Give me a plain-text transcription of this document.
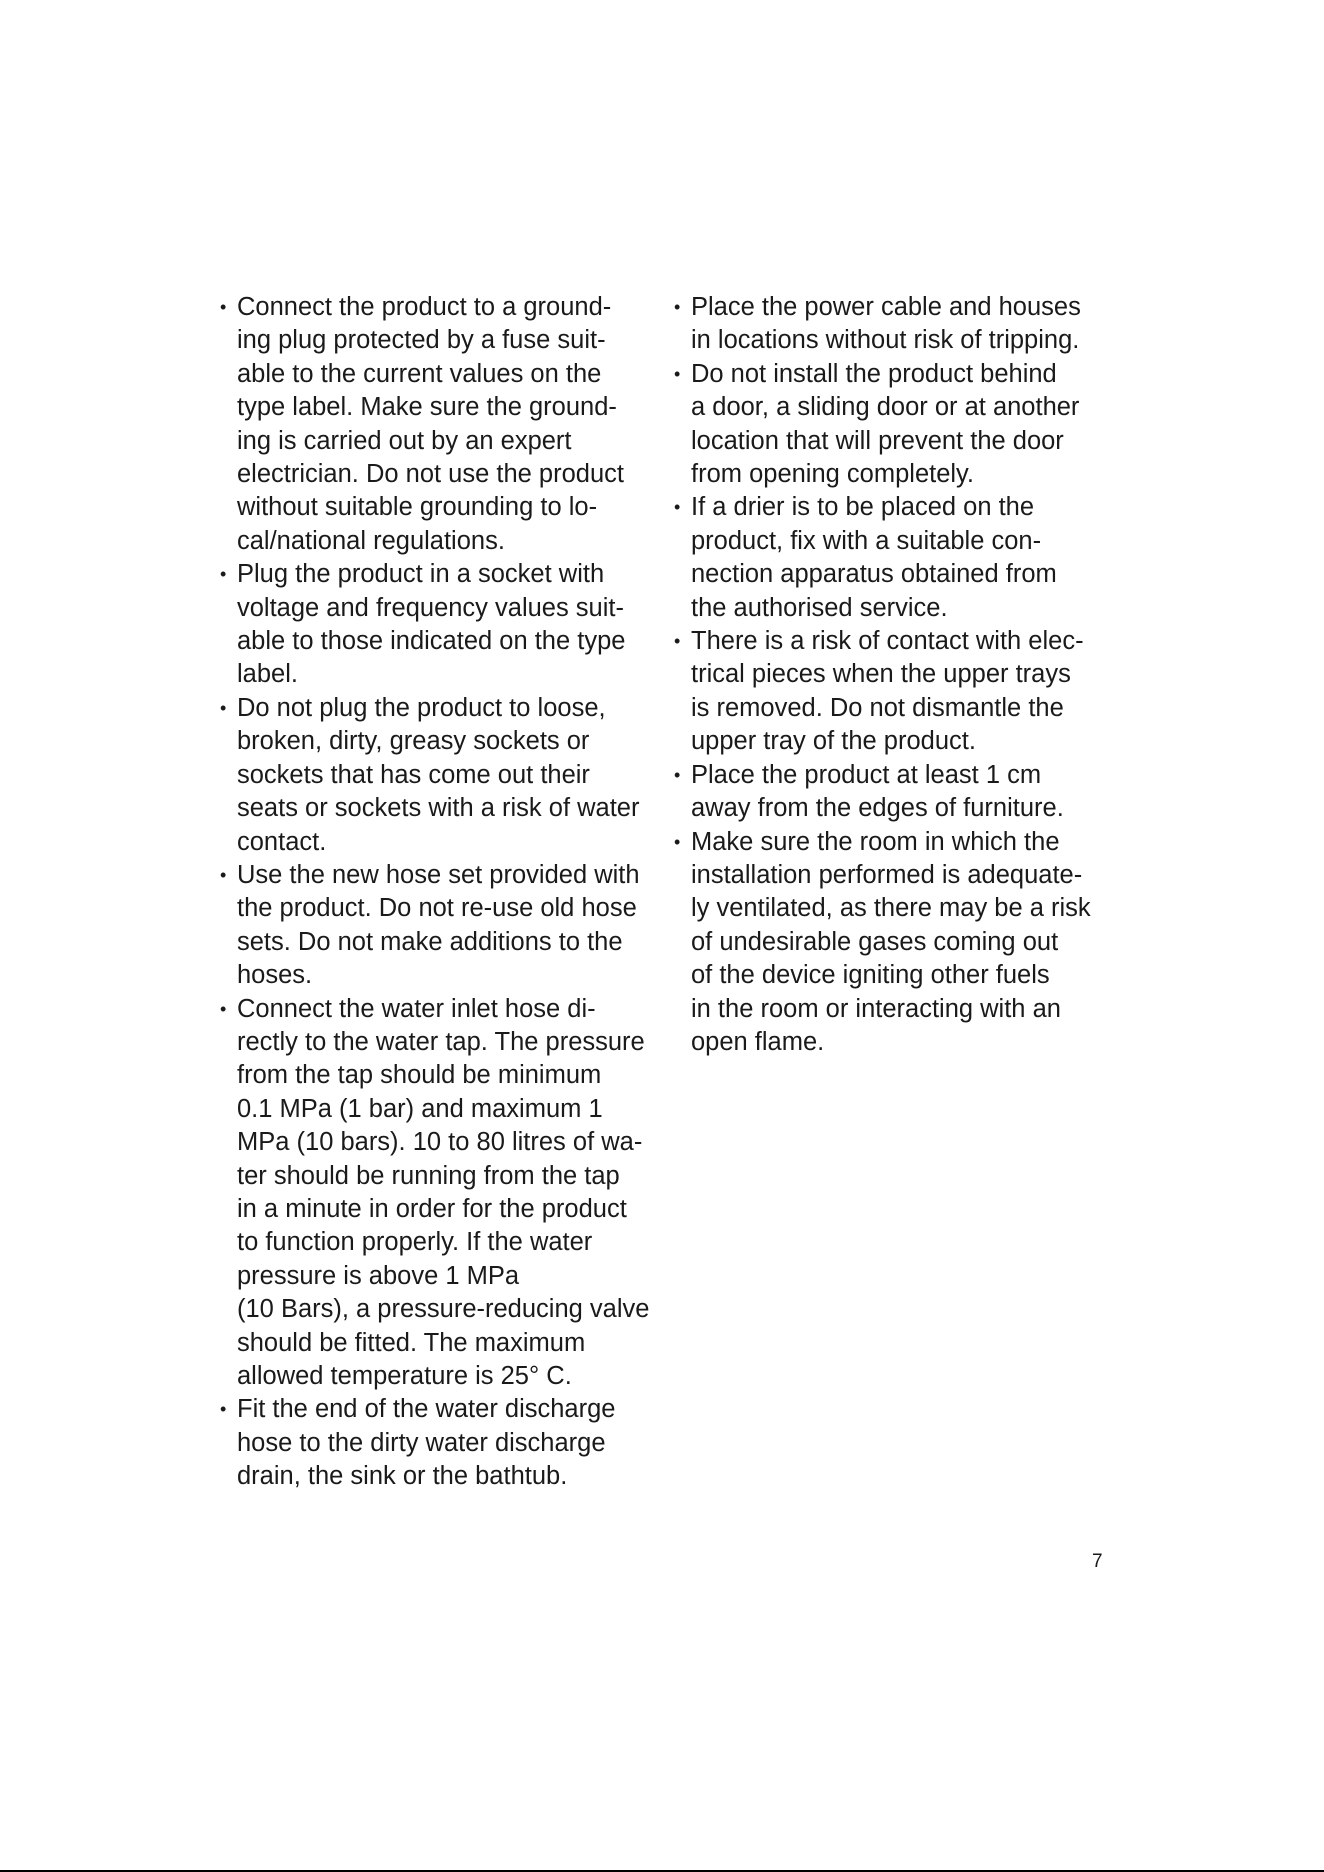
• Connect the product to a ground-
ing plug protected by a fuse suit-
able to the current values on the
type label. Make sure the ground-
ing is carried out by an expert
electrician. Do not use the product
without suitable grounding to lo-
cal/national regulations.
• Plug the product in a socket with
voltage and frequency values suit-
able to those indicated on the type
label.
• Do not plug the product to loose,
broken, dirty, greasy sockets or
sockets that has come out their
seats or sockets with a risk of water
contact.
• Use the new hose set provided with
the product. Do not re-use old hose
sets. Do not make additions to the
hoses.
• Connect the water inlet hose di-
rectly to the water tap. The pressure
from the tap should be minimum
0.1 MPa (1 bar) and maximum 1
MPa (10 bars). 10 to 80 litres of wa-
ter should be running from the tap
in a minute in order for the product
to function properly. If the water
pressure is above 1 MPa
(10 Bars), a pressure-reducing valve
should be fitted. The maximum
allowed temperature is 25° C.
• Fit the end of the water discharge
hose to the dirty water discharge
drain, the sink or the bathtub.
• Place the power cable and houses
in locations without risk of tripping.
• Do not install the product behind
a door, a sliding door or at another
location that will prevent the door
from opening completely.
• If a drier is to be placed on the
product, fix with a suitable con-
nection apparatus obtained from
the authorised service.
• There is a risk of contact with elec-
trical pieces when the upper trays
is removed. Do not dismantle the
upper tray of the product.
• Place the product at least 1 cm
away from the edges of furniture.
• Make sure the room in which the
installation performed is adequate-
ly ventilated, as there may be a risk
of undesirable gases coming out
of the device igniting other fuels
in the room or interacting with an
open flame.
7
